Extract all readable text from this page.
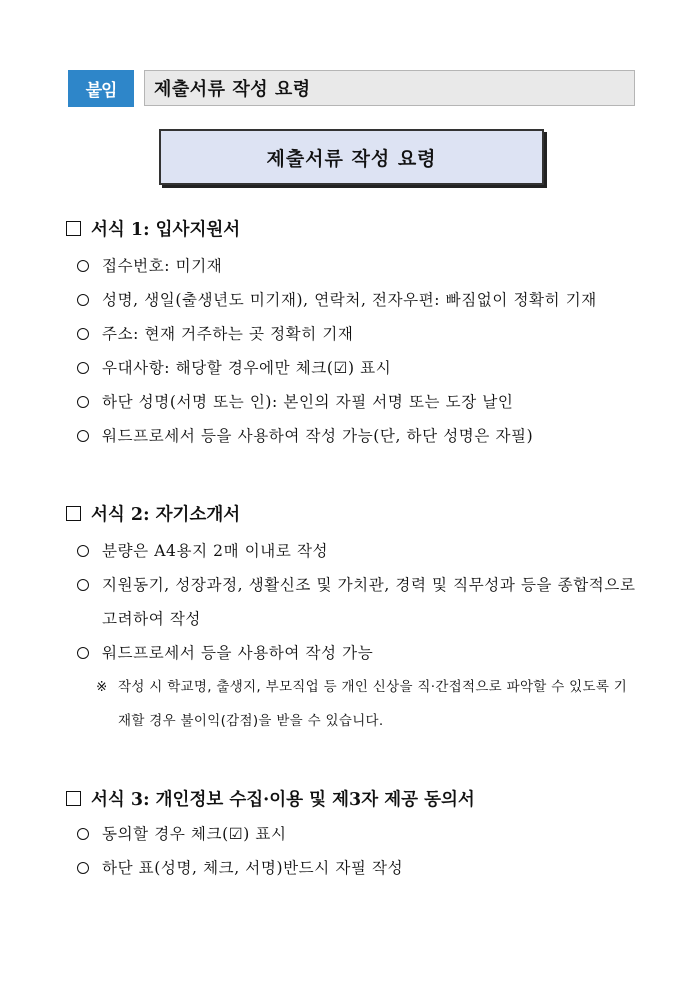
붙임	제출서류 작성 요령
제출서류 작성 요령
서식 1: 입사지원서
접수번호: 미기재
성명, 생일(출생년도 미기재), 연락처, 전자우편: 빠짐없이 정확히 기재
주소: 현재 거주하는 곳 정확히 기재
우대사항: 해당할 경우에만 체크(☑) 표시
하단 성명(서명 또는 인): 본인의 자필 서명 또는 도장 날인
워드프로세서 등을 사용하여 작성 가능(단, 하단 성명은 자필)
서식 2: 자기소개서
분량은 A4용지 2매 이내로 작성
지원동기, 성장과정, 생활신조 및 가치관, 경력 및 직무성과 등을 종합적으로 고려하여 작성
워드프로세서 등을 사용하여 작성 가능
※ 작성 시 학교명, 출생지, 부모직업 등 개인 신상을 직·간접적으로 파악할 수 있도록 기재할 경우 불이익(감점)을 받을 수 있습니다.
서식 3: 개인정보 수집·이용 및 제3자 제공 동의서
동의할 경우 체크(☑) 표시
하단 표(성명, 체크, 서명)반드시 자필 작성
